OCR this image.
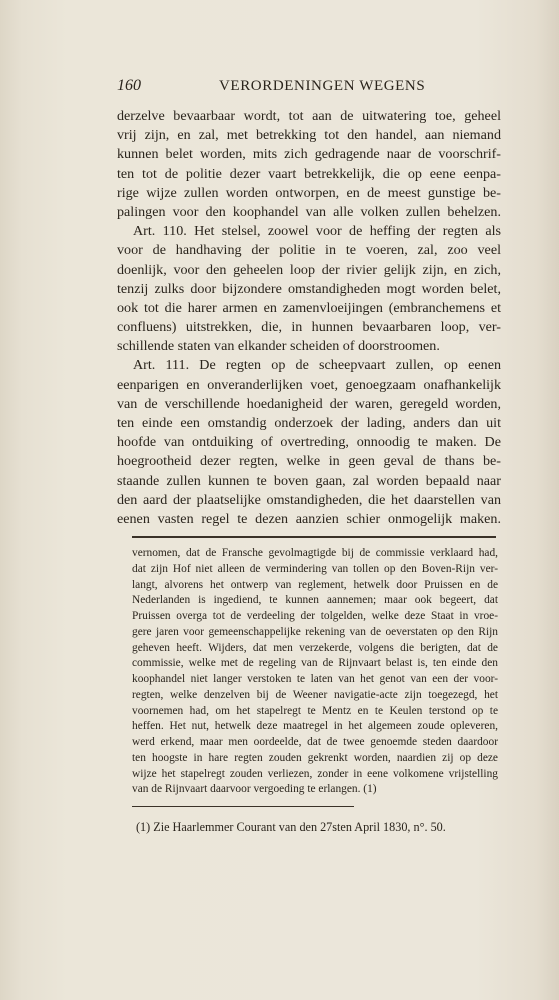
160	VERORDENINGEN WEGENS
derzelve bevaarbaar wordt, tot aan de uitwatering toe, geheel
vrij zijn, en zal, met betrekking tot den handel, aan niemand
kunnen belet worden, mits zich gedragende naar de voorschrif-
ten tot de politie dezer vaart betrekkelijk, die op eene eenpa-
rige wijze zullen worden ontworpen, en de meest gunstige be-
palingen voor den koophandel van alle volken zullen behelzen.
Art. 110. Het stelsel, zoowel voor de heffing der regten als
voor de handhaving der politie in te voeren, zal, zoo veel
doenlijk, voor den geheelen loop der rivier gelijk zijn, en zich,
tenzij zulks door bijzondere omstandigheden mogt worden belet,
ook tot die harer armen en zamenvloeijingen (embranchemens et
confluens) uitstrekken, die, in hunnen bevaarbaren loop, ver-
schillende staten van elkander scheiden of doorstroomen.
Art. 111. De regten op de scheepvaart zullen, op eenen
eenparigen en onveranderlijken voet, genoegzaam onafhankelijk
van de verschillende hoedanigheid der waren, geregeld worden,
ten einde een omstandig onderzoek der lading, anders dan uit
hoofde van ontduiking of overtreding, onnoodig te maken. De
hoegrootheid dezer regten, welke in geen geval de thans be-
staande zullen kunnen te boven gaan, zal worden bepaald naar
den aard der plaatselijke omstandigheden, die het daarstellen van
eenen vasten regel te dezen aanzien schier onmogelijk maken.
vernomen, dat de Fransche gevolmagtigde bij de commissie verklaard had,
dat zijn Hof niet alleen de vermindering van tollen op den Boven-Rijn ver-
langt, alvorens het ontwerp van reglement, hetwelk door Pruissen en de
Nederlanden is ingediend, te kunnen aannemen; maar ook begeert, dat
Pruissen overga tot de verdeeling der tolgelden, welke deze Staat in vroe-
gere jaren voor gemeenschappelijke rekening van de oeverstaten op den Rijn
geheven heeft. Wijders, dat men verzekerde, volgens die berigten, dat de
commissie, welke met de regeling van de Rijnvaart belast is, ten einde den
koophandel niet langer verstoken te laten van het genot van een der voor-
regten, welke denzelven bij de Weener navigatie-acte zijn toegezegd, het
voornemen had, om het stapelregt te Mentz en te Keulen terstond op te
heffen. Het nut, hetwelk deze maatregel in het algemeen zoude opleveren,
werd erkend, maar men oordeelde, dat de twee genoemde steden daardoor
ten hoogste in hare regten zouden gekrenkt worden, naardien zij op deze
wijze het stapelregt zouden verliezen, zonder in eene volkomene vrijstelling
van de Rijnvaart daarvoor vergoeding te erlangen. (1)
(1) Zie Haarlemmer Courant van den 27sten April 1830, n°. 50.
